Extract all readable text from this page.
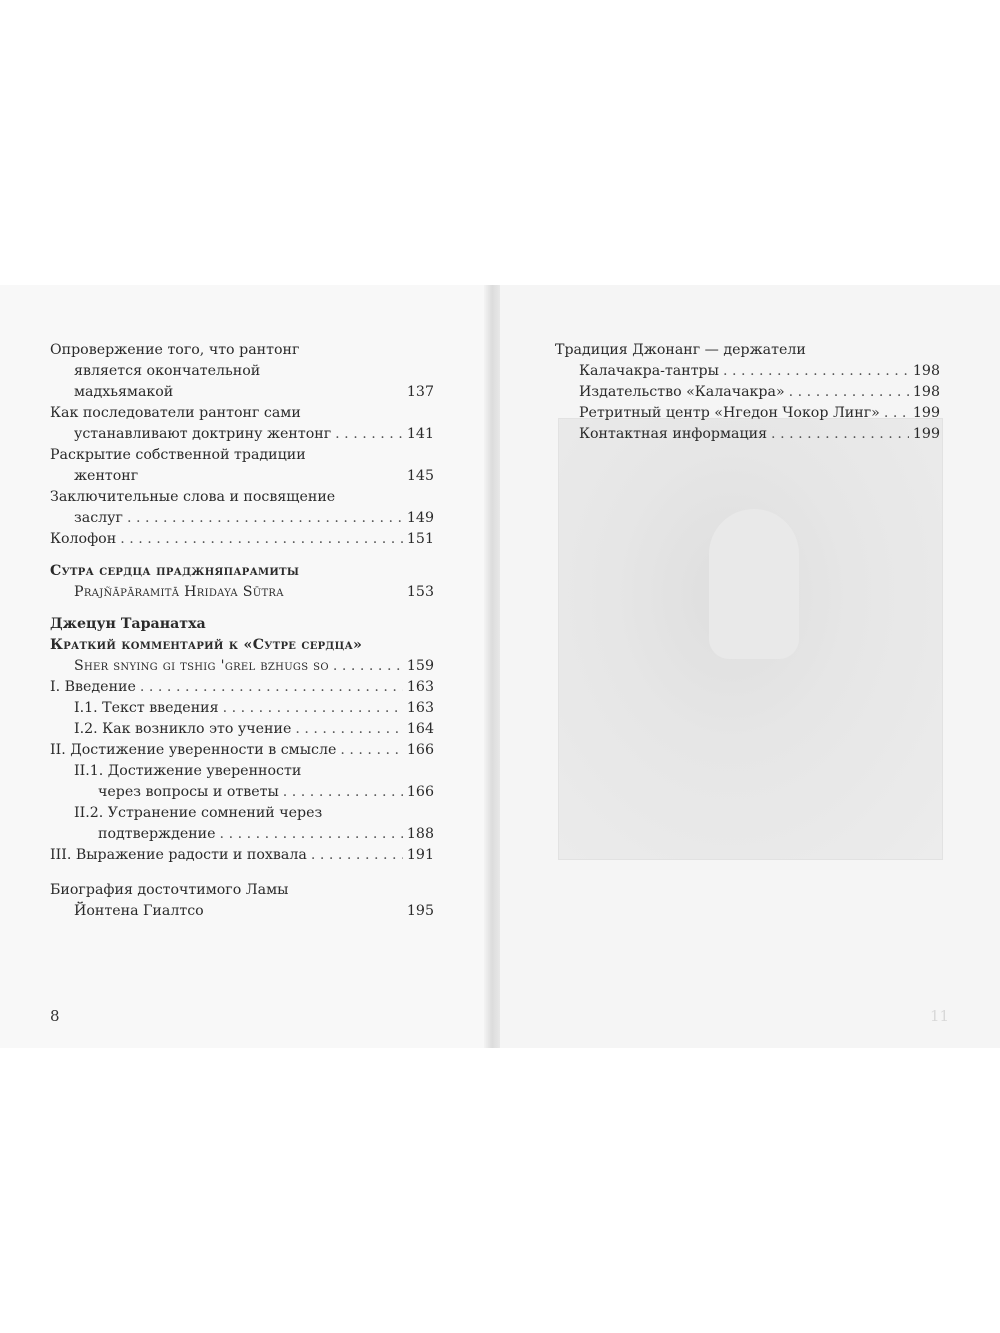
Опровержение того, что рантонг
является окончательной
мадхьямакой	137
Как последователи рантонг сами
устанавливают доктрину жентонг . . .	141
Раскрытие собственной традиции
жентонг	145
Заключительные слова и посвящение
заслуг . . .	149
Колофон . . .	151
Сутра сердца праджняпарамиты
Prajñāpāramitā Hridaya Sūtra	153
Джецун Таранатха
Краткий комментарий к «Сутре сердца»
Sher snying gi tshig 'grel bzhugs so . . .	159
I. Введение . . .	163
I.1. Текст введения . . .	163
I.2. Как возникло это учение . . .	164
II. Достижение уверенности в смысле . . .	166
II.1. Достижение уверенности
через вопросы и ответы . . .	166
II.2. Устранение сомнений через
подтверждение . . .	188
III. Выражение радости и похвала . . .	191
Биография досточтимого Ламы
Йонтена Гиалтсо	195
8
Традиция Джонанг — держатели
Калачакра-тантры . . .	198
Издательство «Калачакра» . . .	198
Ретритный центр «Нгедон Чокор Линг» . . . 199
Контактная информация . . .	199
11
